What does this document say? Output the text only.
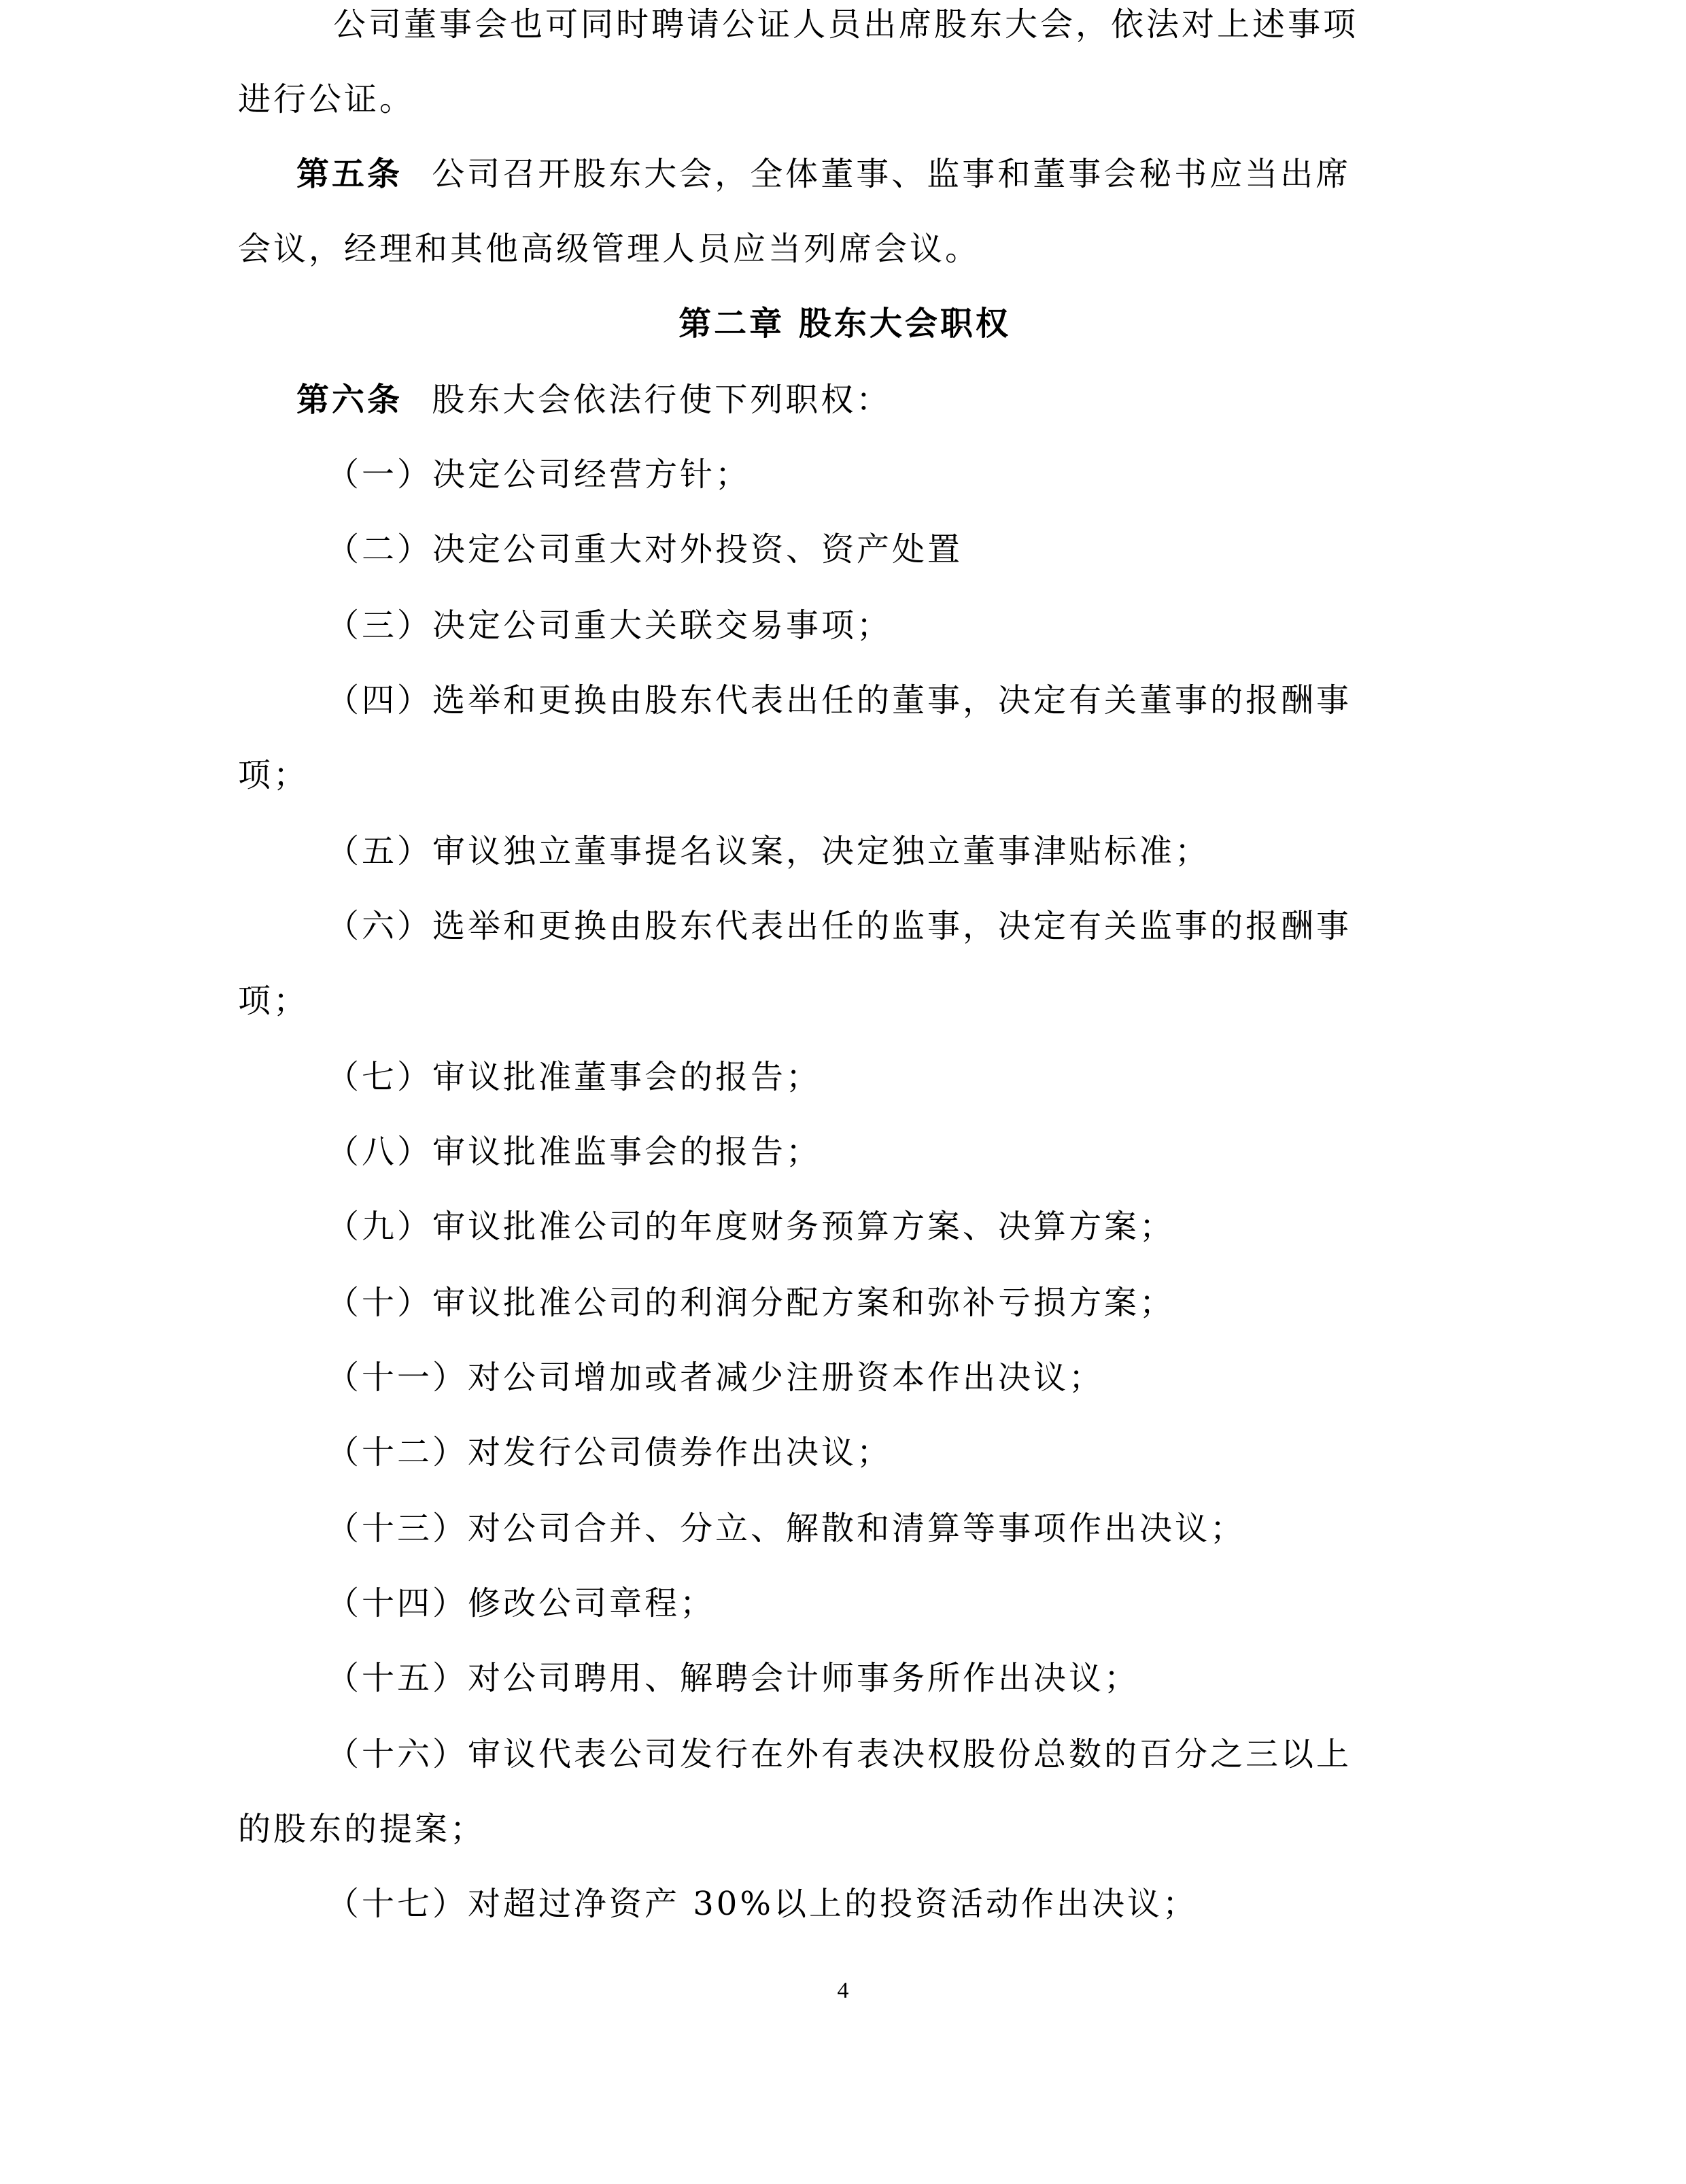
公司董事会也可同时聘请公证人员出席股东大会，依法对上述事项
进行公证。
第五条 公司召开股东大会，全体董事、监事和董事会秘书应当出席
会议，经理和其他高级管理人员应当列席会议。
第二章 股东大会职权
第六条 股东大会依法行使下列职权：
（一）决定公司经营方针；
（二）决定公司重大对外投资、资产处置
（三）决定公司重大关联交易事项；
（四）选举和更换由股东代表出任的董事，决定有关董事的报酬事
项；
（五）审议独立董事提名议案，决定独立董事津贴标准；
（六）选举和更换由股东代表出任的监事，决定有关监事的报酬事
项；
（七）审议批准董事会的报告；
（八）审议批准监事会的报告；
（九）审议批准公司的年度财务预算方案、决算方案；
（十）审议批准公司的利润分配方案和弥补亏损方案；
（十一）对公司增加或者减少注册资本作出决议；
（十二）对发行公司债券作出决议；
（十三）对公司合并、分立、解散和清算等事项作出决议；
（十四）修改公司章程；
（十五）对公司聘用、解聘会计师事务所作出决议；
（十六）审议代表公司发行在外有表决权股份总数的百分之三以上
的股东的提案；
（十七）对超过净资产 30%以上的投资活动作出决议；
4
